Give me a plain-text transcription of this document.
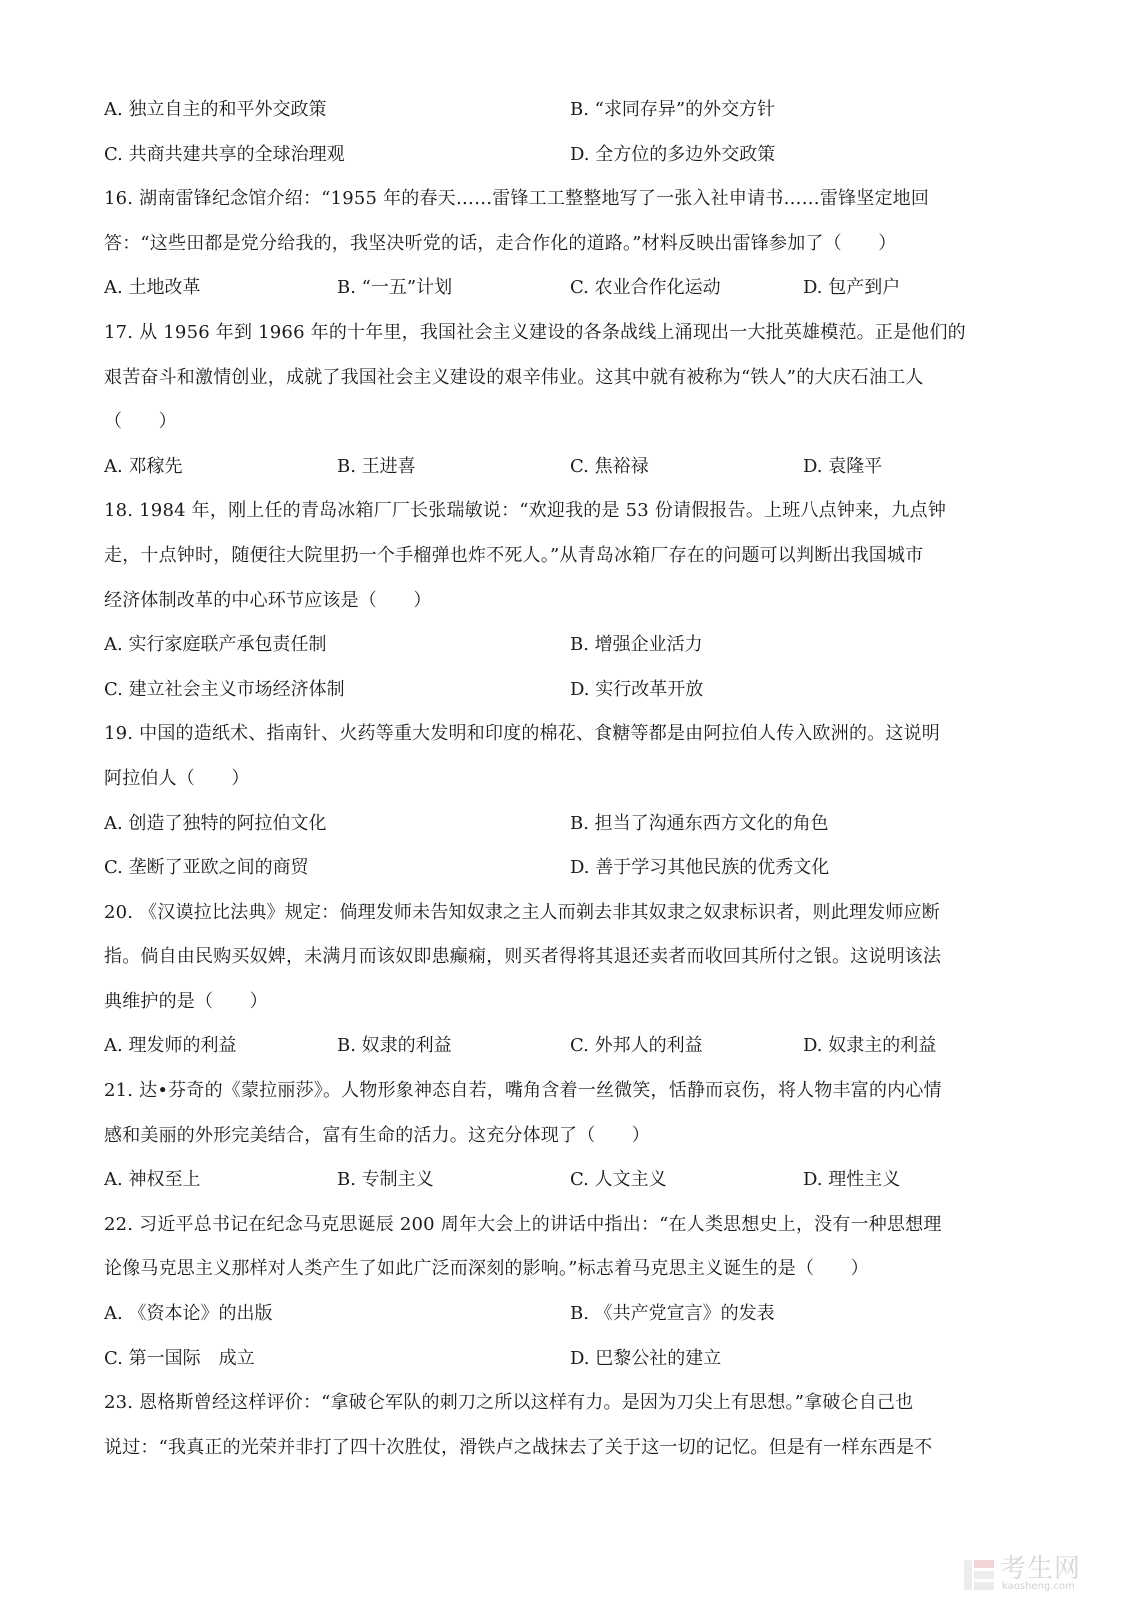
A. 独立自主的和平外交政策	B. “求同存异”的外交方针
C. 共商共建共享的全球治理观	D. 全方位的多边外交政策
16. 湖南雷锋纪念馆介绍：“1955 年的春天……雷锋工工整整地写了一张入社申请书……雷锋坚定地回
答：“这些田都是党分给我的，我坚决听党的话，走合作化的道路。”材料反映出雷锋参加了（　　）
A. 土地改革	B. “一五”计划	C. 农业合作化运动	D. 包产到户
17. 从 1956 年到 1966 年的十年里，我国社会主义建设的各条战线上涌现出一大批英雄模范。正是他们的
艰苦奋斗和激情创业，成就了我国社会主义建设的艰辛伟业。这其中就有被称为“铁人”的大庆石油工人
（　　）
A. 邓稼先	B. 王进喜	C. 焦裕禄	D. 袁隆平
18. 1984 年，刚上任的青岛冰箱厂厂长张瑞敏说：“欢迎我的是 53 份请假报告。上班八点钟来，九点钟
走，十点钟时，随便往大院里扔一个手榴弹也炸不死人。”从青岛冰箱厂存在的问题可以判断出我国城市
经济体制改革的中心环节应该是（　　）
A. 实行家庭联产承包责任制	B. 增强企业活力
C. 建立社会主义市场经济体制	D. 实行改革开放
19. 中国的造纸术、指南针、火药等重大发明和印度的棉花、食糖等都是由阿拉伯人传入欧洲的。这说明
阿拉伯人（　　）
A. 创造了独特的阿拉伯文化	B. 担当了沟通东西方文化的角色
C. 垄断了亚欧之间的商贸	D. 善于学习其他民族的优秀文化
20. 《汉谟拉比法典》规定：倘理发师未告知奴隶之主人而剃去非其奴隶之奴隶标识者，则此理发师应断
指。倘自由民购买奴婢，未满月而该奴即患癫痫，则买者得将其退还卖者而收回其所付之银。这说明该法
典维护的是（　　）
A. 理发师的利益	B. 奴隶的利益	C. 外邦人的利益	D. 奴隶主的利益
21. 达•芬奇的《蒙拉丽莎》。人物形象神态自若，嘴角含着一丝微笑，恬静而哀伤，将人物丰富的内心情
感和美丽的外形完美结合，富有生命的活力。这充分体现了（　　）
A. 神权至上	B. 专制主义	C. 人文主义	D. 理性主义
22. 习近平总书记在纪念马克思诞辰 200 周年大会上的讲话中指出：“在人类思想史上，没有一种思想理
论像马克思主义那样对人类产生了如此广泛而深刻的影响。”标志着马克思主义诞生的是（　　）
A. 《资本论》的出版	B. 《共产党宣言》的发表
C. 第一国际　成立	D. 巴黎公社的建立
23. 恩格斯曾经这样评价：“拿破仑军队的刺刀之所以这样有力。是因为刀尖上有思想。”拿破仑自己也
说过：“我真正的光荣并非打了四十次胜仗，滑铁卢之战抹去了关于这一切的记忆。但是有一样东西是不
考生网
kaosheng.com
